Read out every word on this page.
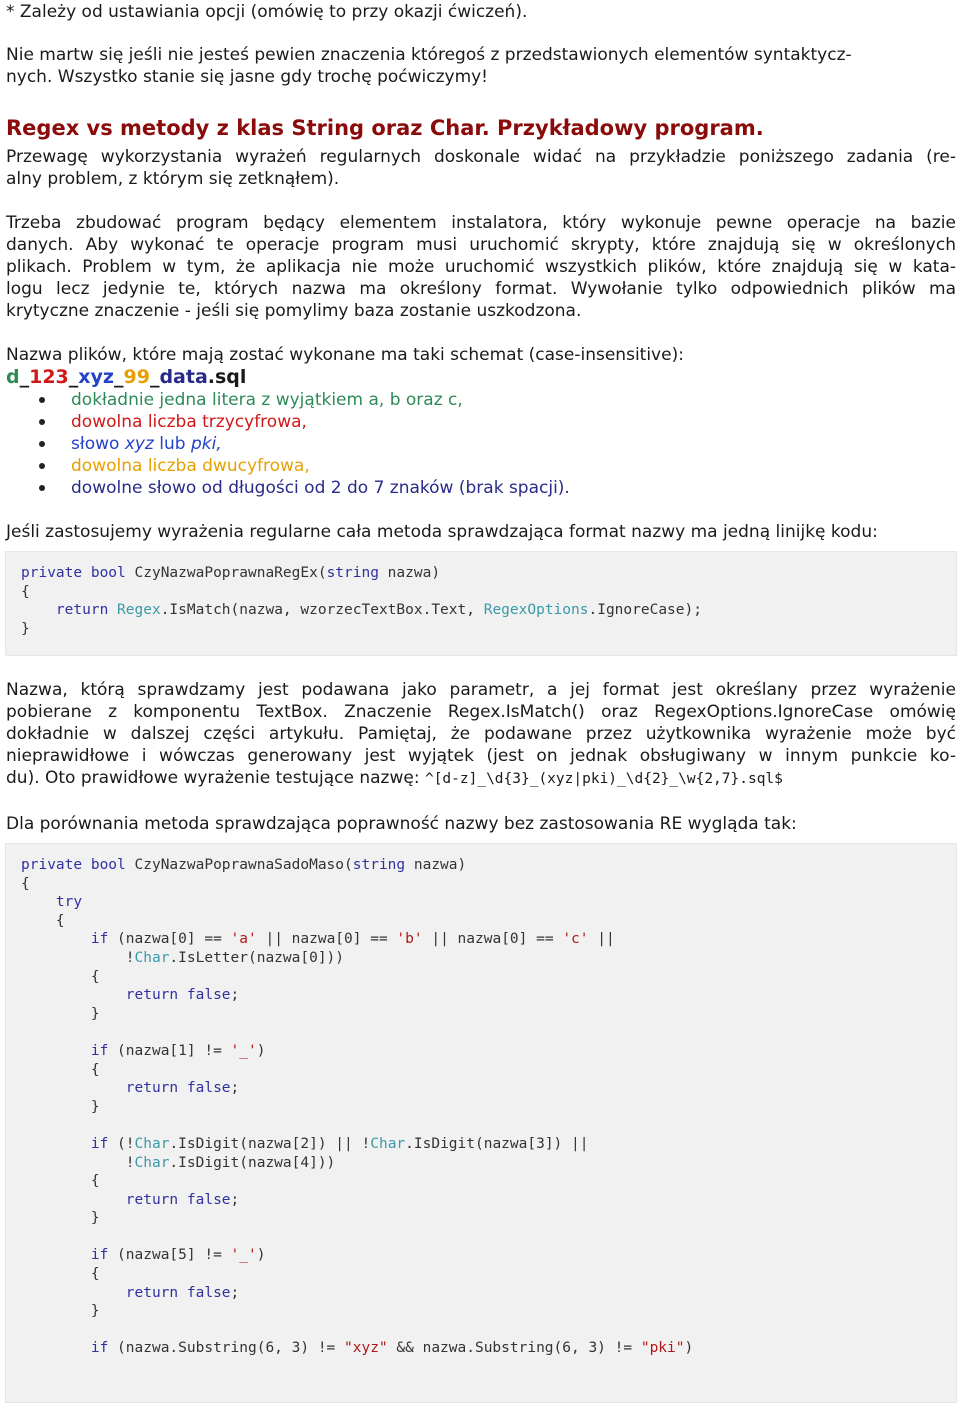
* Zależy od ustawiania opcji (omówię to przy okazji ćwiczeń).
Nie martw się jeśli nie jesteś pewien znaczenia któregoś z przedstawionych elementów syntaktycz-
nych. Wszystko stanie się jasne gdy trochę poćwiczymy!
Regex vs metody z klas String oraz Char. Przykładowy program.
Przewagę wykorzystania wyrażeń regularnych doskonale widać na przykładzie poniższego zadania (re-
alny problem, z którym się zetknąłem).
Trzeba zbudować program będący elementem instalatora, który wykonuje pewne operacje na bazie
danych. Aby wykonać te operacje program musi uruchomić skrypty, które znajdują się w określonych
plikach. Problem w tym, że aplikacja nie może uruchomić wszystkich plików, które znajdują się w kata-
logu lecz jedynie te, których nazwa ma określony format. Wywołanie tylko odpowiednich plików ma
krytyczne znaczenie - jeśli się pomylimy baza zostanie uszkodzona.
Nazwa plików, które mają zostać wykonane ma taki schemat (case-insensitive):
d_123_xyz_99_data.sql
dokładnie jedna litera z wyjątkiem a, b oraz c,
dowolna liczba trzycyfrowa,
słowo xyz lub pki,
dowolna liczba dwucyfrowa,
dowolne słowo od długości od 2 do 7 znaków (brak spacji).
Jeśli zastosujemy wyrażenia regularne cała metoda sprawdzająca format nazwy ma jedną linijkę kodu:
private bool CzyNazwaPoprawnaRegEx(string nazwa)
{
return Regex.IsMatch(nazwa, wzorzecTextBox.Text, RegexOptions.IgnoreCase);
}
Nazwa, którą sprawdzamy jest podawana jako parametr, a jej format jest określany przez wyrażenie
pobierane z komponentu TextBox. Znaczenie Regex.IsMatch() oraz RegexOptions.IgnoreCase omówię
dokładnie w dalszej części artykułu. Pamiętaj, że podawane przez użytkownika wyrażenie może być
nieprawidłowe i wówczas generowany jest wyjątek (jest on jednak obsługiwany w innym punkcie ko-
du). Oto prawidłowe wyrażenie testujące nazwę: ^[d-z]_\d{3}_(xyz|pki)_\d{2}_\w{2,7}.sql$
Dla porównania metoda sprawdzająca poprawność nazwy bez zastosowania RE wygląda tak:
private bool CzyNazwaPoprawnaSadoMaso(string nazwa)
{
try
{
if (nazwa[0] == 'a' || nazwa[0] == 'b' || nazwa[0] == 'c' ||
!Char.IsLetter(nazwa[0]))
{
return false;
}

if (nazwa[1] != '_')
{
return false;
}

if (!Char.IsDigit(nazwa[2]) || !Char.IsDigit(nazwa[3]) ||
!Char.IsDigit(nazwa[4]))
{
return false;
}

if (nazwa[5] != '_')
{
return false;
}

if (nazwa.Substring(6, 3) != "xyz" && nazwa.Substring(6, 3) != "pki")
